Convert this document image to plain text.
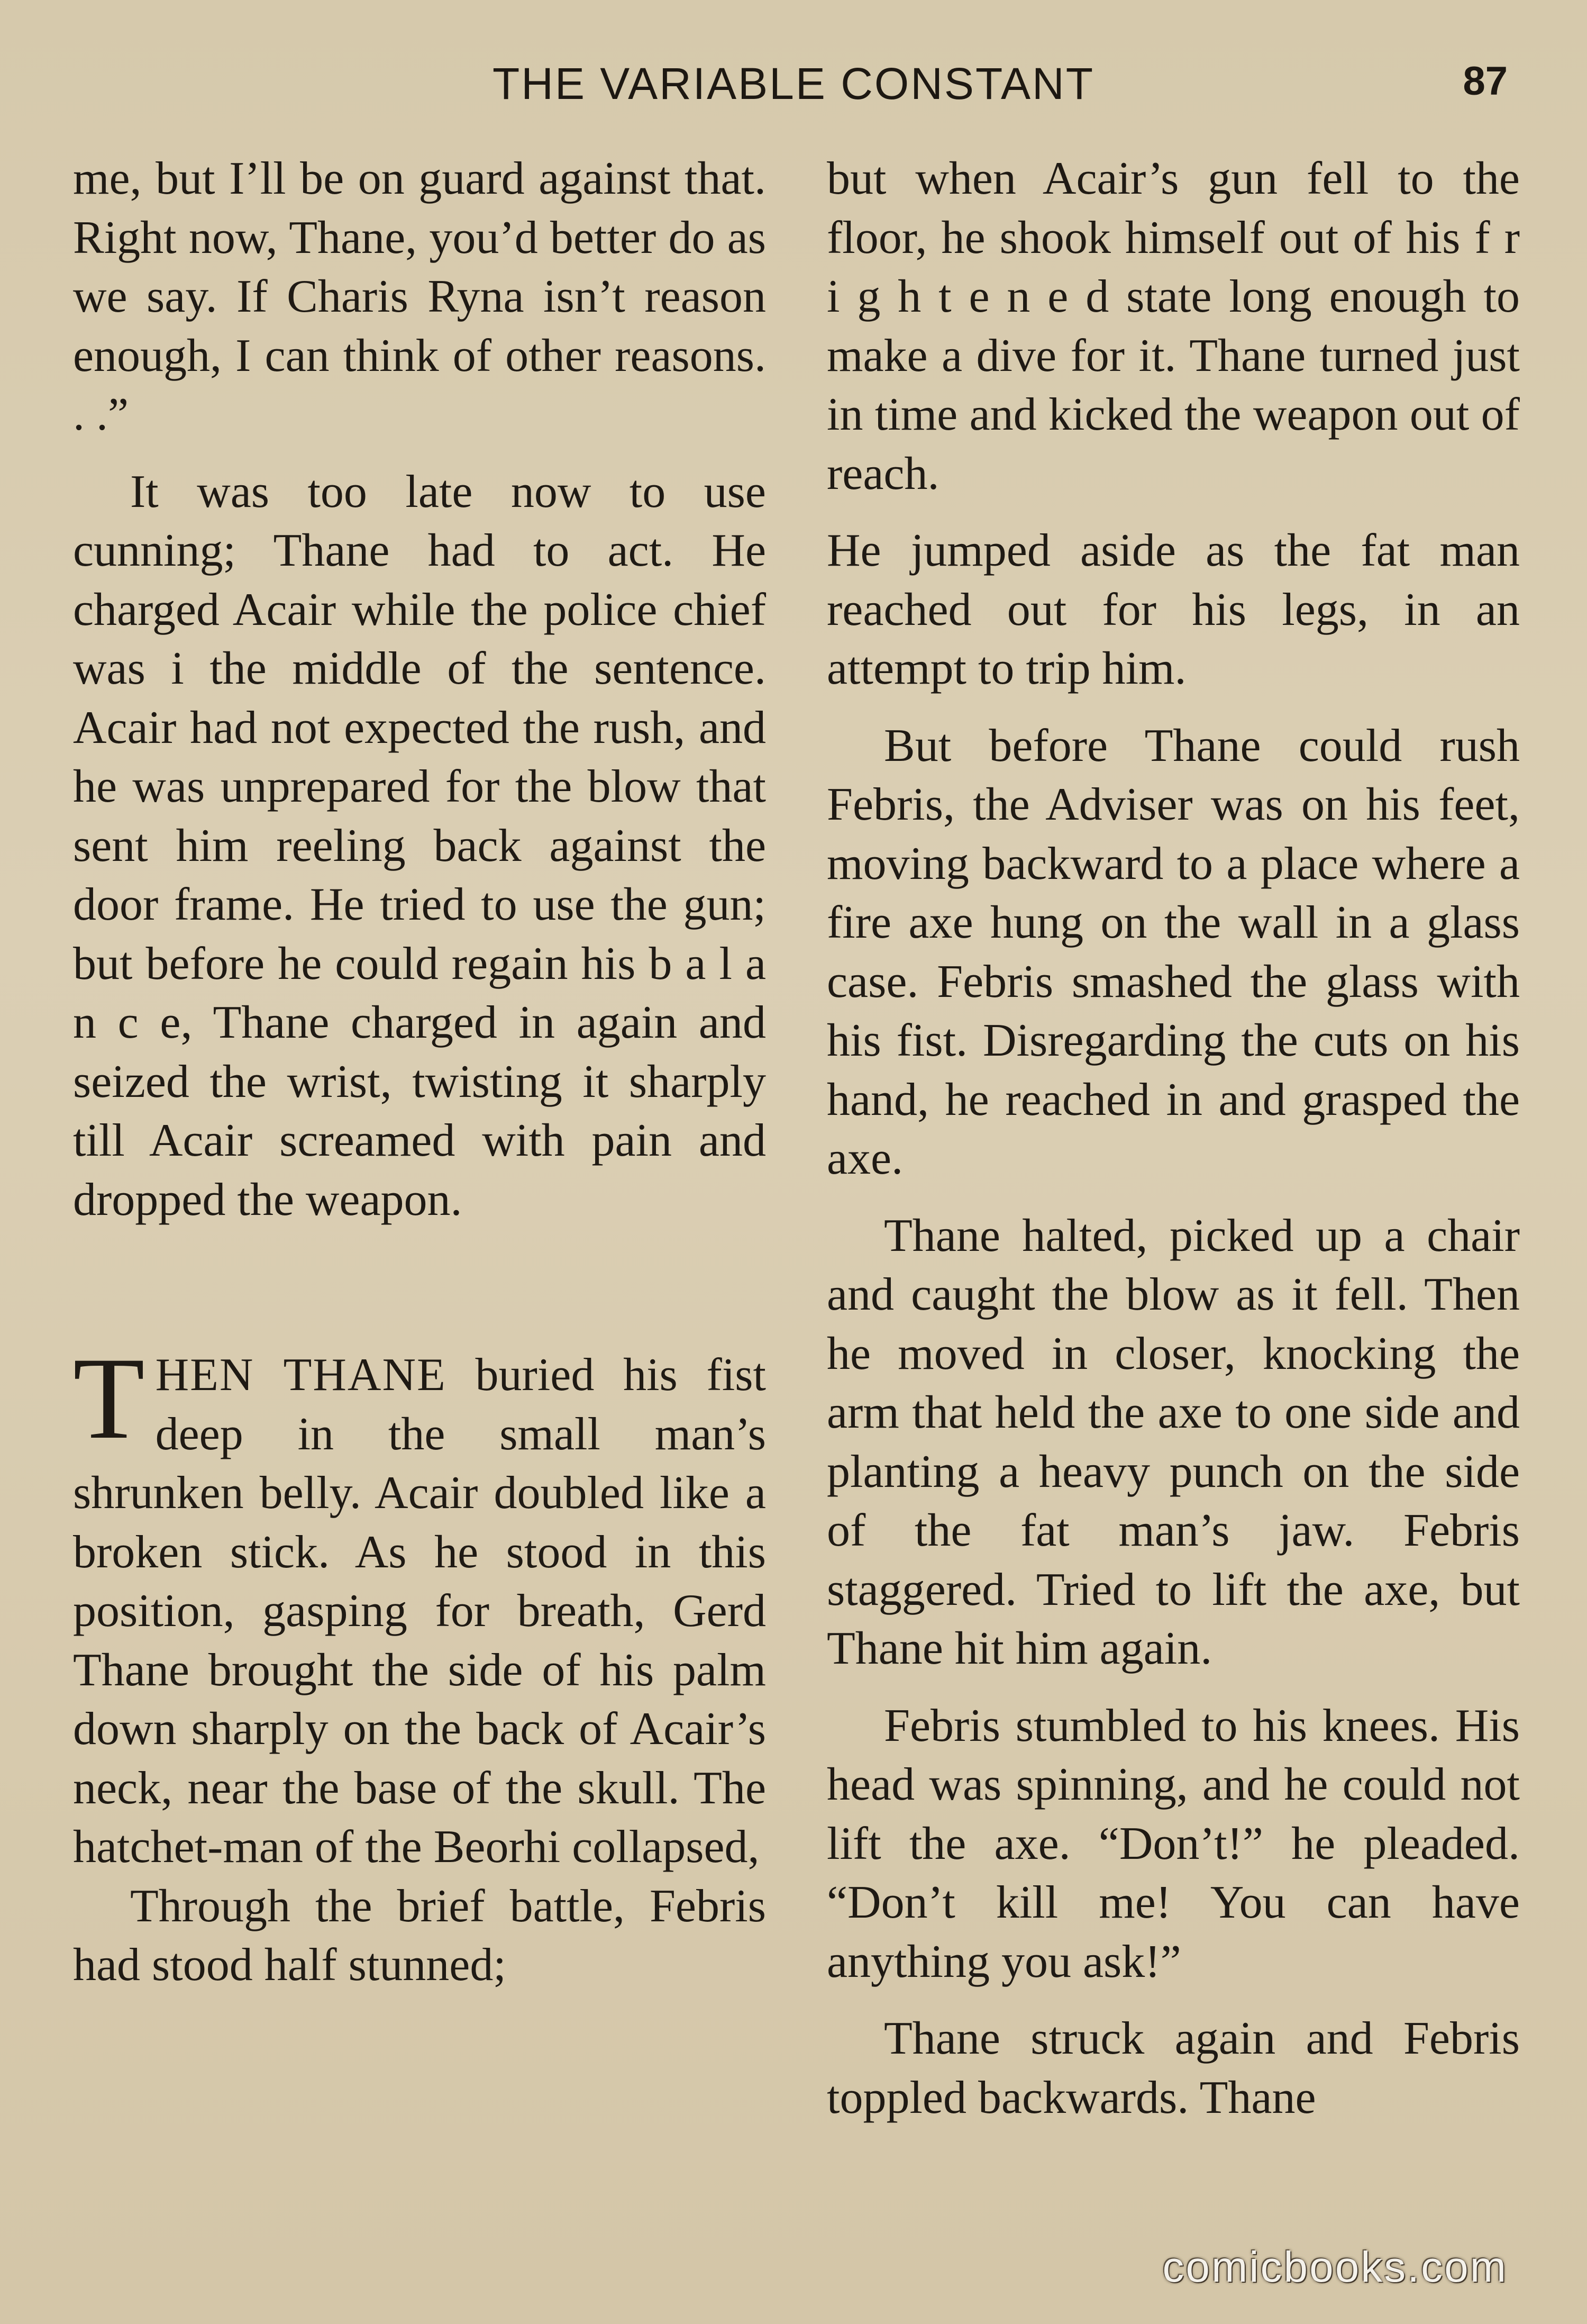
THE VARIABLE CONSTANT	87

me, but I’ll be on guard against that. Right now, Thane, you’d better do as we say. If Charis Ryna isn’t reason enough, I can think of other reasons. . .”

It was too late now to use cunning; Thane had to act. He charged Acair while the police chief was i the middle of the sentence. Acair had not expected the rush, and he was unprepared for the blow that sent him reeling back against the door frame. He tried to use the gun; but before he could regain his b a l a n c e, Thane charged in again and seized the wrist, twisting it sharply till Acair screamed with pain and dropped the weapon.

THEN THANE buried his fist deep in the small man’s shrunken belly. Acair doubled like a broken stick. As he stood in this position, gasping for breath, Gerd Thane brought the side of his palm down sharply on the back of Acair’s neck, near the base of the skull. The hatchet-man of the Beorhi collapsed,

Through the brief battle, Febris had stood half stunned;

but when Acair’s gun fell to the floor, he shook himself out of his f r i g h t e n e d state long enough to make a dive for it. Thane turned just in time and kicked the weapon out of reach.

He jumped aside as the fat man reached out for his legs, in an attempt to trip him.

But before Thane could rush Febris, the Adviser was on his feet, moving backward to a place where a fire axe hung on the wall in a glass case. Febris smashed the glass with his fist. Disregarding the cuts on his hand, he reached in and grasped the axe.

Thane halted, picked up a chair and caught the blow as it fell. Then he moved in closer, knocking the arm that held the axe to one side and planting a heavy punch on the side of the fat man’s jaw. Febris staggered. Tried to lift the axe, but Thane hit him again.

Febris stumbled to his knees. His head was spinning, and he could not lift the axe. “Don’t!” he pleaded. “Don’t kill me! You can have anything you ask!”

Thane struck again and Febris toppled backwards. Thane

comicbooks.com
